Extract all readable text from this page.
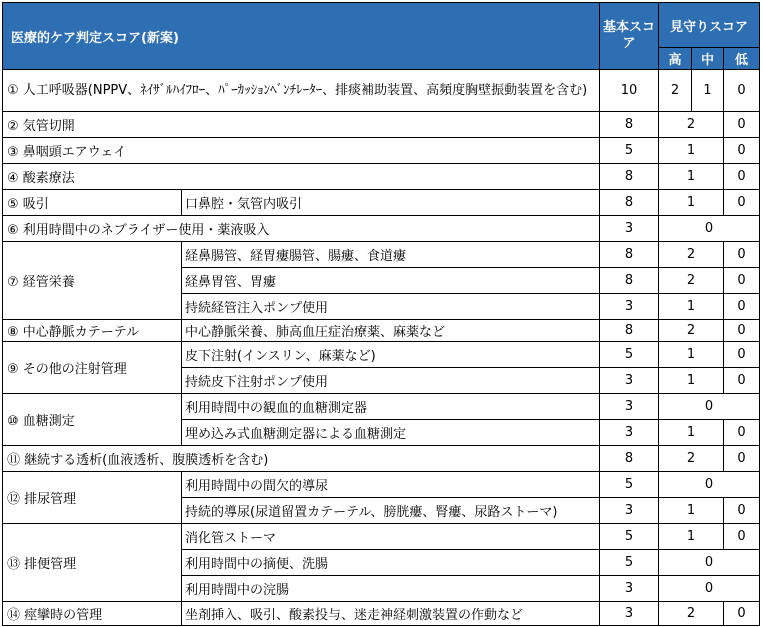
医療的ケア判定スコア(新案)		基本スコア	見守りスコア		
			高	中	低
① 人工呼吸器(NPPV、ﾈｲｻﾞﾙﾊｲﾌﾛｰ、ﾊﾟｰｶｯｼｮﾝﾍﾞﾝﾁﾚｰﾀｰ、排痰補助装置、高頻度胸壁振動装置を含む)		10	2	1	0
② 気管切開		8	2		0
③ 鼻咽頭エアウェイ		5	1		0
④ 酸素療法		8	1		0
⑤ 吸引	口鼻腔・気管内吸引	8	1		0
⑥ 利用時間中のネブライザー使用・薬液吸入		3	0		
⑦ 経管栄養	経鼻腸管、経胃瘻腸管、腸瘻、食道瘻	8	2		0
	経鼻胃管、胃瘻	8	2		0
	持続経管注入ポンプ使用	3	1		0
⑧ 中心静脈カテーテル	中心静脈栄養、肺高血圧症治療薬、麻薬など	8	2		0
⑨ その他の注射管理	皮下注射(インスリン、麻薬など)	5	1		0
	持続皮下注射ポンプ使用	3	1		0
⑩ 血糖測定	利用時間中の観血的血糖測定器	3	0		
	埋め込み式血糖測定器による血糖測定	3	1		0
⑪ 継続する透析(血液透析、腹膜透析を含む)		8	2		0
⑫ 排尿管理	利用時間中の間欠的導尿	5	0		
	持続的導尿(尿道留置カテーテル、膀胱瘻、腎瘻、尿路ストーマ)	3	1		0
⑬ 排便管理	消化管ストーマ	5	1		0
	利用時間中の摘便、洗腸	5	0		
	利用時間中の浣腸	3	0		
⑭ 痙攣時の管理	坐剤挿入、吸引、酸素投与、迷走神経刺激装置の作動など	3	2		0
